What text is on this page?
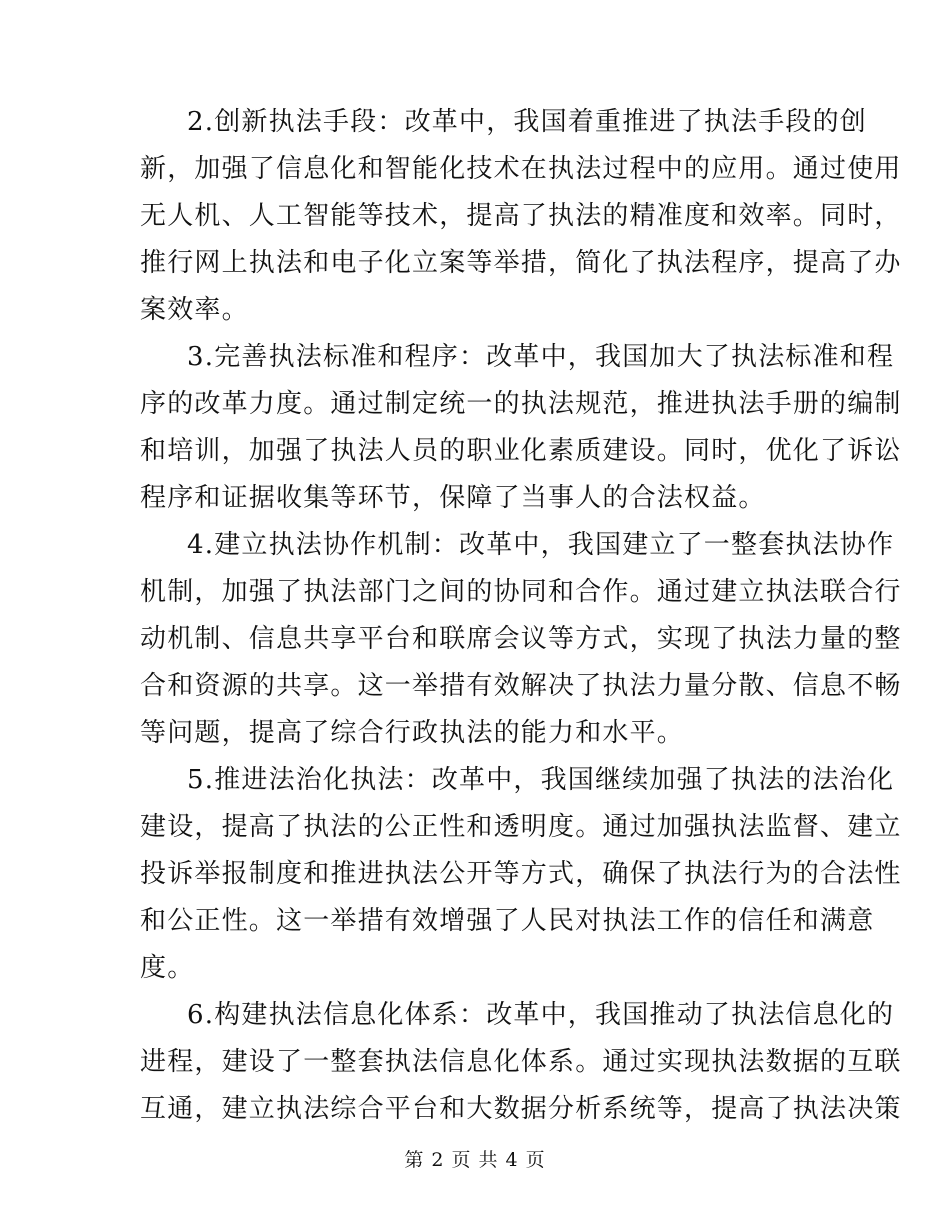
2.创新执法手段：改革中，我国着重推进了执法手段的创
新，加强了信息化和智能化技术在执法过程中的应用。通过使用
无人机、人工智能等技术，提高了执法的精准度和效率。同时，
推行网上执法和电子化立案等举措，简化了执法程序，提高了办
案效率。
3.完善执法标准和程序：改革中，我国加大了执法标准和程
序的改革力度。通过制定统一的执法规范，推进执法手册的编制
和培训，加强了执法人员的职业化素质建设。同时，优化了诉讼
程序和证据收集等环节，保障了当事人的合法权益。
4.建立执法协作机制：改革中，我国建立了一整套执法协作
机制，加强了执法部门之间的协同和合作。通过建立执法联合行
动机制、信息共享平台和联席会议等方式，实现了执法力量的整
合和资源的共享。这一举措有效解决了执法力量分散、信息不畅
等问题，提高了综合行政执法的能力和水平。
5.推进法治化执法：改革中，我国继续加强了执法的法治化
建设，提高了执法的公正性和透明度。通过加强执法监督、建立
投诉举报制度和推进执法公开等方式，确保了执法行为的合法性
和公正性。这一举措有效增强了人民对执法工作的信任和满意
度。
6.构建执法信息化体系：改革中，我国推动了执法信息化的
进程，建设了一整套执法信息化体系。通过实现执法数据的互联
互通，建立执法综合平台和大数据分析系统等，提高了执法决策
第 2 页 共 4 页
